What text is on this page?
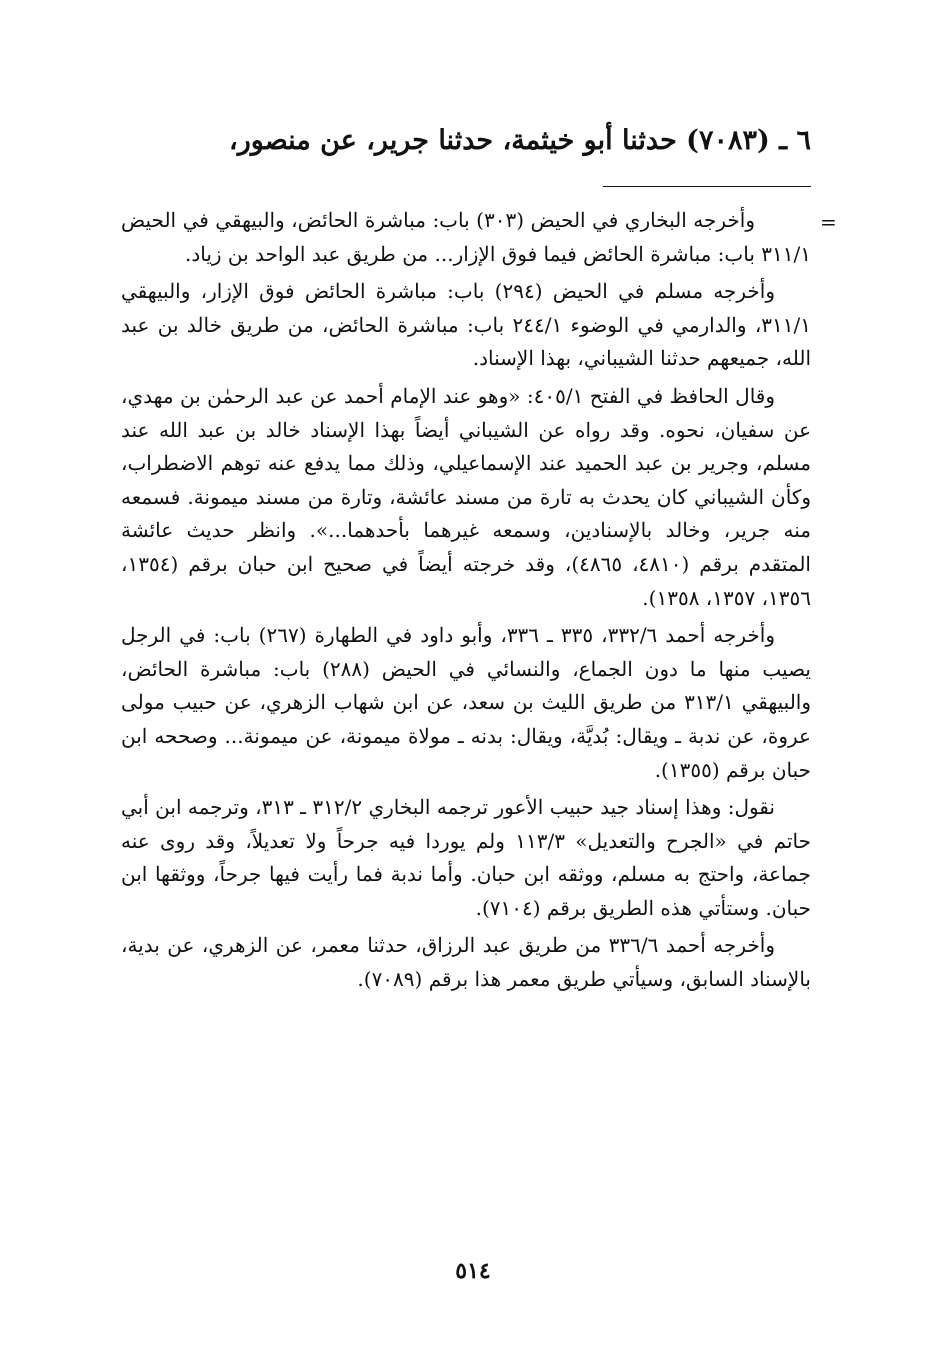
٦ ـ (٧٠٨٣) حدثنا أبو خيثمة، حدثنا جرير، عن منصور،
=

وأخرجه البخاري في الحيض (٣٠٣) باب: مباشرة الحائض، والبيهقي في الحيض ٣١١/١ باب: مباشرة الحائض فيما فوق الإزار... من طريق عبد الواحد بن زياد.

وأخرجه مسلم في الحيض (٢٩٤) باب: مباشرة الحائض فوق الإزار، والبيهقي ٣١١/١، والدارمي في الوضوء ٢٤٤/١ باب: مباشرة الحائض، من طريق خالد بن عبد الله، جميعهم حدثنا الشيباني، بهذا الإسناد.

وقال الحافظ في الفتح ٤٠٥/١: «وهو عند الإمام أحمد عن عبد الرحمٰن بن مهدي، عن سفيان، نحوه. وقد رواه عن الشيباني أيضاً بهذا الإسناد خالد بن عبد الله عند مسلم، وجرير بن عبد الحميد عند الإسماعيلي، وذلك مما يدفع عنه توهم الاضطراب، وكأن الشيباني كان يحدث به تارة من مسند عائشة، وتارة من مسند ميمونة. فسمعه منه جرير، وخالد بالإسنادين، وسمعه غيرهما بأحدهما...». وانظر حديث عائشة المتقدم برقم (٤٨١٠، ٤٨٦٥)، وقد خرجته أيضاً في صحيح ابن حبان برقم (١٣٥٤، ١٣٥٦، ١٣٥٧، ١٣٥٨).

وأخرجه أحمد ٣٣٢/٦، ٣٣٥ ـ ٣٣٦، وأبو داود في الطهارة (٢٦٧) باب: في الرجل يصيب منها ما دون الجماع، والنسائي في الحيض (٢٨٨) باب: مباشرة الحائض، والبيهقي ٣١٣/١ من طريق الليث بن سعد، عن ابن شهاب الزهري، عن حبيب مولى عروة، عن ندبة ـ ويقال: بُديَّة، ويقال: بدنه ـ مولاة ميمونة، عن ميمونة... وصححه ابن حبان برقم (١٣٥٥).

نقول: وهذا إسناد جيد حبيب الأعور ترجمه البخاري ٣١٢/٢ ـ ٣١٣، وترجمه ابن أبي حاتم في «الجرح والتعديل» ١١٣/٣ ولم يوردا فيه جرحاً ولا تعديلاً، وقد روى عنه جماعة، واحتج به مسلم، ووثقه ابن حبان. وأما ندبة فما رأيت فيها جرحاً، ووثقها ابن حبان. وستأتي هذه الطريق برقم (٧١٠٤).

وأخرجه أحمد ٣٣٦/٦ من طريق عبد الرزاق، حدثنا معمر، عن الزهري، عن بدية، بالإسناد السابق، وسيأتي طريق معمر هذا برقم (٧٠٨٩).

٥١٤
